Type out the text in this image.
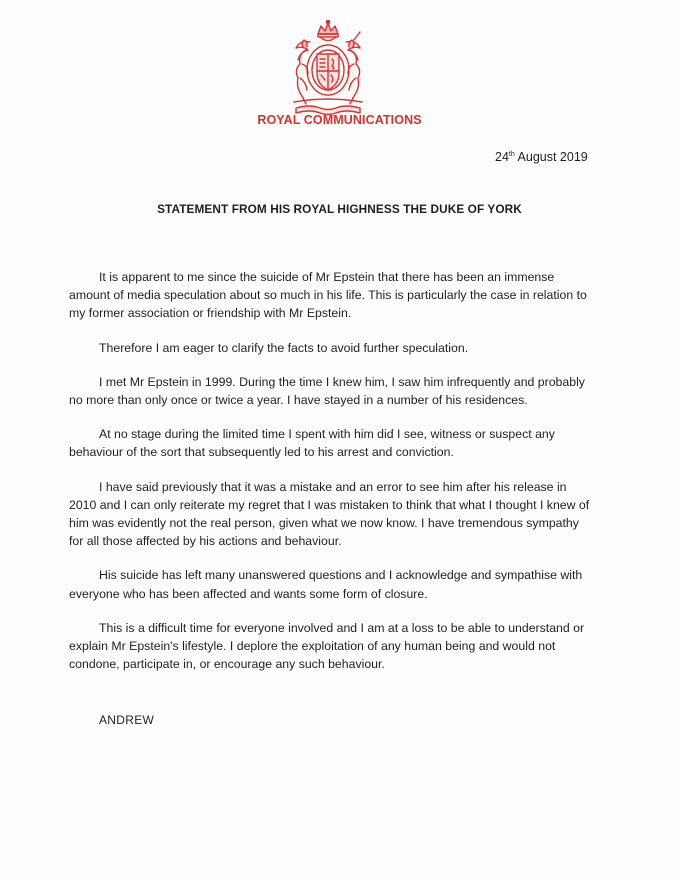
ROYAL COMMUNICATIONS
24th August 2019
STATEMENT FROM HIS ROYAL HIGHNESS THE DUKE OF YORK

It is apparent to me since the suicide of Mr Epstein that there has been an immense amount of media speculation about so much in his life. This is particularly the case in relation to my former association or friendship with Mr Epstein.

Therefore I am eager to clarify the facts to avoid further speculation.

I met Mr Epstein in 1999. During the time I knew him, I saw him infrequently and probably no more than only once or twice a year. I have stayed in a number of his residences.

At no stage during the limited time I spent with him did I see, witness or suspect any behaviour of the sort that subsequently led to his arrest and conviction.

I have said previously that it was a mistake and an error to see him after his release in 2010 and I can only reiterate my regret that I was mistaken to think that what I thought I knew of him was evidently not the real person, given what we now know. I have tremendous sympathy for all those affected by his actions and behaviour.

His suicide has left many unanswered questions and I acknowledge and sympathise with everyone who has been affected and wants some form of closure.

This is a difficult time for everyone involved and I am at a loss to be able to understand or explain Mr Epstein's lifestyle. I deplore the exploitation of any human being and would not condone, participate in, or encourage any such behaviour.

ANDREW
